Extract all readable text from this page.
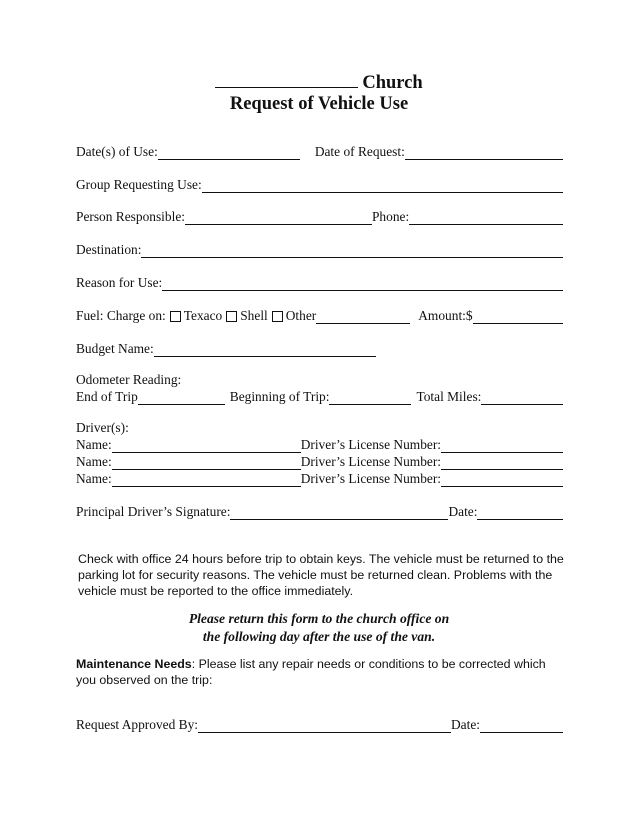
Church
Request of Vehicle Use
Date(s) of Use:	Date of Request:
Group Requesting Use:
Person Responsible:	Phone:
Destination:
Reason for Use:
Fuel: Charge on: Texaco Shell Other	Amount:$
Budget Name:
Odometer Reading:
End of Trip	Beginning of Trip:	Total Miles:
Driver(s):
Name:	Driver’s License Number:
Name:	Driver’s License Number:
Name:	Driver’s License Number:
Principal Driver’s Signature:	Date:
Check with office 24 hours before trip to obtain keys. The vehicle must be returned to the parking lot for security reasons. The vehicle must be returned clean. Problems with the vehicle must be reported to the office immediately.
Please return this form to the church office on
the following day after the use of the van.
Maintenance Needs: Please list any repair needs or conditions to be corrected which you observed on the trip:
Request Approved By:	Date:
